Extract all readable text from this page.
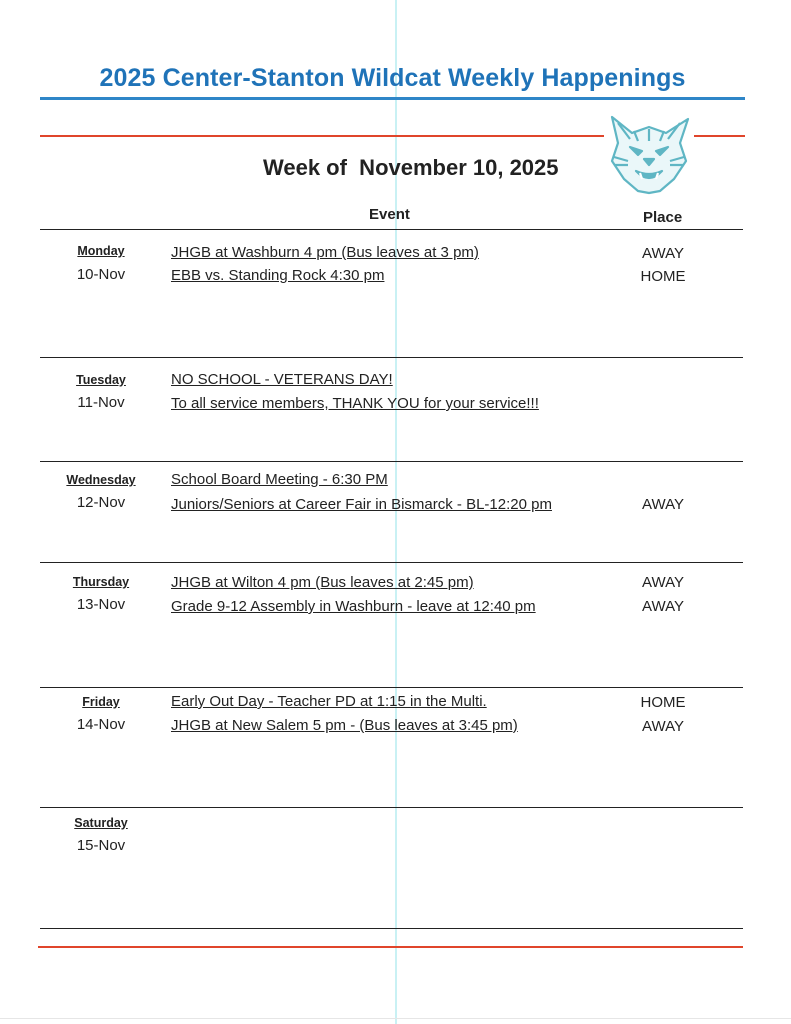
2025 Center-Stanton Wildcat Weekly Happenings
Week of  November 10, 2025
Event	Place
Monday
10-Nov
JHGB at Washburn 4 pm (Bus leaves at 3 pm)	AWAY
EBB vs. Standing Rock 4:30 pm	HOME
Tuesday
11-Nov
NO SCHOOL - VETERANS DAY!
To all service members, THANK YOU for your service!!!
Wednesday
12-Nov
School Board Meeting - 6:30 PM
Juniors/Seniors at Career Fair in Bismarck - BL-12:20 pm	AWAY
Thursday
13-Nov
JHGB at Wilton 4 pm (Bus leaves at 2:45 pm)	AWAY
Grade 9-12 Assembly in Washburn - leave at 12:40 pm	AWAY
Friday
14-Nov
Early Out Day - Teacher PD at 1:15 in the Multi.	HOME
JHGB at New Salem 5 pm - (Bus leaves at 3:45 pm)	AWAY
Saturday
15-Nov
